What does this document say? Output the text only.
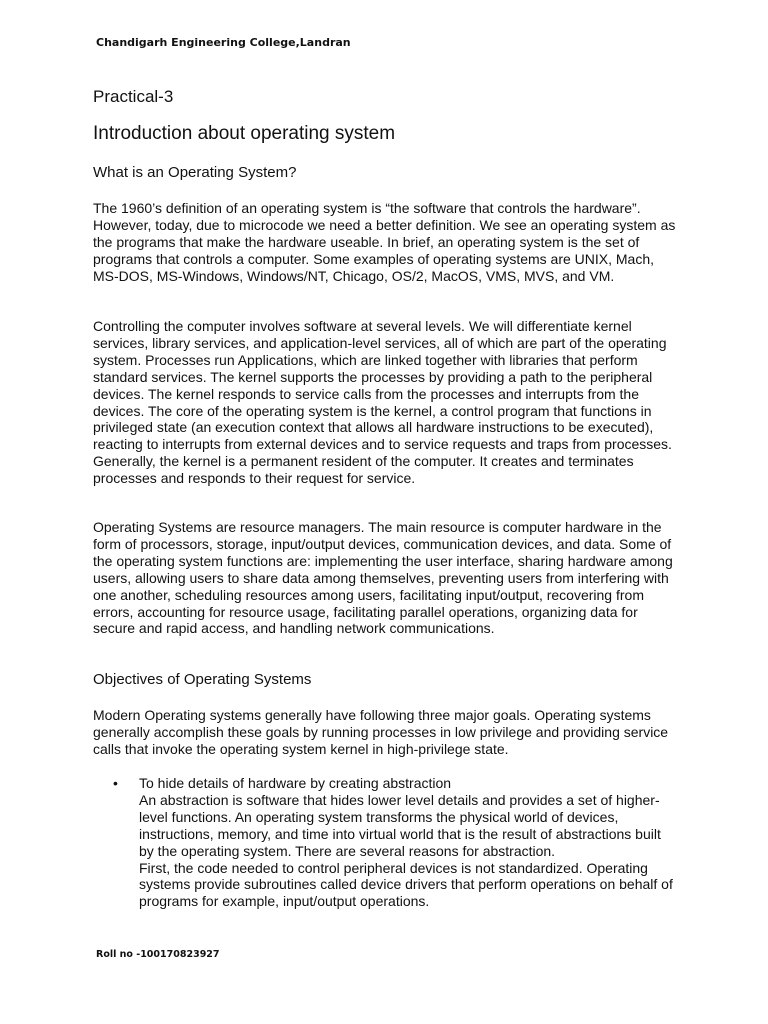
Chandigarh Engineering College,Landran
Practical-3
Introduction about operating system
What is an Operating System?

The 1960’s definition of an operating system is “the software that controls the hardware”. However, today, due to microcode we need a better definition. We see an operating system as the programs that make the hardware useable. In brief, an operating system is the set of programs that controls a computer. Some examples of operating systems are UNIX, Mach, MS-DOS, MS-Windows, Windows/NT, Chicago, OS/2, MacOS, VMS, MVS, and VM.

Controlling the computer involves software at several levels. We will differentiate kernel services, library services, and application-level services, all of which are part of the operating system. Processes run Applications, which are linked together with libraries that perform standard services. The kernel supports the processes by providing a path to the peripheral devices. The kernel responds to service calls from the processes and interrupts from the devices. The core of the operating system is the kernel, a control program that functions in privileged state (an execution context that allows all hardware instructions to be executed), reacting to interrupts from external devices and to service requests and traps from processes. Generally, the kernel is a permanent resident of the computer. It creates and terminates processes and responds to their request for service.

Operating Systems are resource managers. The main resource is computer hardware in the form of processors, storage, input/output devices, communication devices, and data. Some of the operating system functions are: implementing the user interface, sharing hardware among users, allowing users to share data among themselves, preventing users from interfering with one another, scheduling resources among users, facilitating input/output, recovering from errors, accounting for resource usage, facilitating parallel operations, organizing data for secure and rapid access, and handling network communications.

Objectives of Operating Systems

Modern Operating systems generally have following three major goals. Operating systems generally accomplish these goals by running processes in low privilege and providing service calls that invoke the operating system kernel in high-privilege state.

• To hide details of hardware by creating abstraction
An abstraction is software that hides lower level details and provides a set of higher-level functions. An operating system transforms the physical world of devices, instructions, memory, and time into virtual world that is the result of abstractions built by the operating system. There are several reasons for abstraction.
First, the code needed to control peripheral devices is not standardized. Operating systems provide subroutines called device drivers that perform operations on behalf of programs for example, input/output operations.
Roll no -100170823927
